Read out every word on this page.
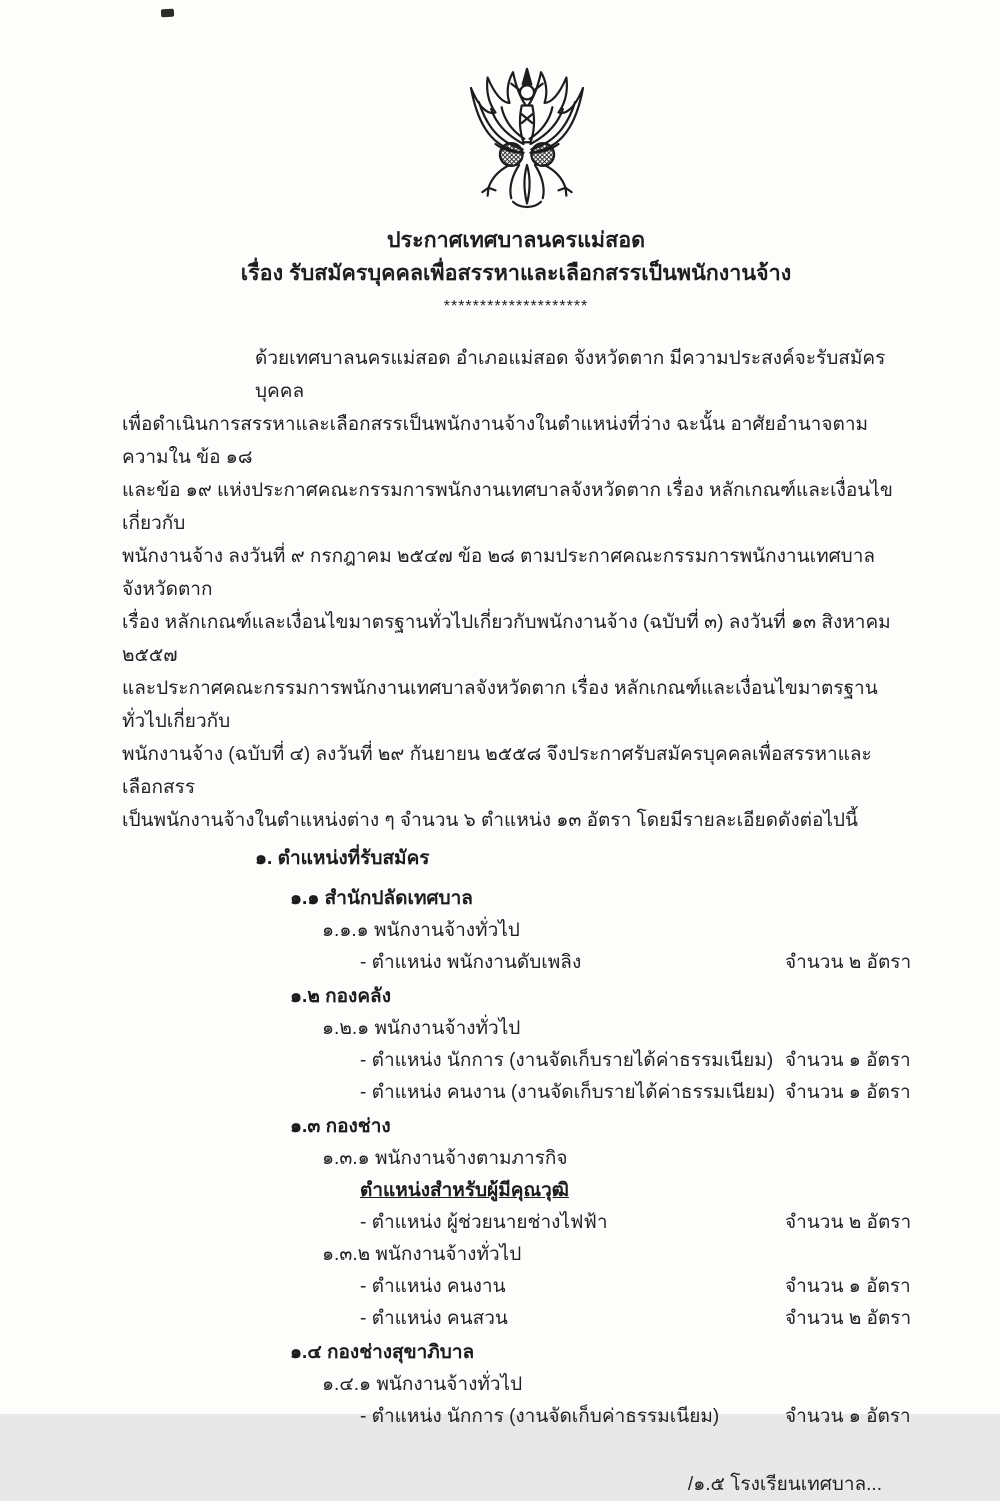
ประกาศเทศบาลนครแม่สอด
เรื่อง รับสมัครบุคคลเพื่อสรรหาและเลือกสรรเป็นพนักงานจ้าง
********************
ด้วยเทศบาลนครแม่สอด อำเภอแม่สอด จังหวัดตาก มีความประสงค์จะรับสมัครบุคคล
เพื่อดำเนินการสรรหาและเลือกสรรเป็นพนักงานจ้างในตำแหน่งที่ว่าง ฉะนั้น อาศัยอำนาจตามความใน ข้อ ๑๘
และข้อ ๑๙ แห่งประกาศคณะกรรมการพนักงานเทศบาลจังหวัดตาก เรื่อง หลักเกณฑ์และเงื่อนไขเกี่ยวกับ
พนักงานจ้าง ลงวันที่ ๙ กรกฎาคม ๒๕๔๗ ข้อ ๒๘ ตามประกาศคณะกรรมการพนักงานเทศบาลจังหวัดตาก
เรื่อง หลักเกณฑ์และเงื่อนไขมาตรฐานทั่วไปเกี่ยวกับพนักงานจ้าง (ฉบับที่ ๓) ลงวันที่ ๑๓ สิงหาคม ๒๕๕๗
และประกาศคณะกรรมการพนักงานเทศบาลจังหวัดตาก เรื่อง หลักเกณฑ์และเงื่อนไขมาตรฐานทั่วไปเกี่ยวกับ
พนักงานจ้าง (ฉบับที่ ๔) ลงวันที่ ๒๙ กันยายน ๒๕๕๘ จึงประกาศรับสมัครบุคคลเพื่อสรรหาและเลือกสรร
เป็นพนักงานจ้างในตำแหน่งต่าง ๆ จำนวน ๖ ตำแหน่ง ๑๓ อัตรา โดยมีรายละเอียดดังต่อไปนี้
๑. ตำแหน่งที่รับสมัคร
๑.๑ สำนักปลัดเทศบาล
๑.๑.๑ พนักงานจ้างทั่วไป
- ตำแหน่ง พนักงานดับเพลิง	จำนวน ๒ อัตรา
๑.๒ กองคลัง
๑.๒.๑ พนักงานจ้างทั่วไป
- ตำแหน่ง นักการ (งานจัดเก็บรายได้ค่าธรรมเนียม) จำนวน ๑ อัตรา
- ตำแหน่ง คนงาน (งานจัดเก็บรายได้ค่าธรรมเนียม) จำนวน ๑ อัตรา
๑.๓ กองช่าง
๑.๓.๑ พนักงานจ้างตามภารกิจ
ตำแหน่งสำหรับผู้มีคุณวุฒิ
- ตำแหน่ง ผู้ช่วยนายช่างไฟฟ้า	จำนวน ๒ อัตรา
๑.๓.๒ พนักงานจ้างทั่วไป
- ตำแหน่ง คนงาน	จำนวน ๑ อัตรา
- ตำแหน่ง คนสวน	จำนวน ๒ อัตรา
๑.๔ กองช่างสุขาภิบาล
๑.๔.๑ พนักงานจ้างทั่วไป
- ตำแหน่ง นักการ (งานจัดเก็บค่าธรรมเนียม)	จำนวน ๑ อัตรา
/๑.๕ โรงเรียนเทศบาล...
